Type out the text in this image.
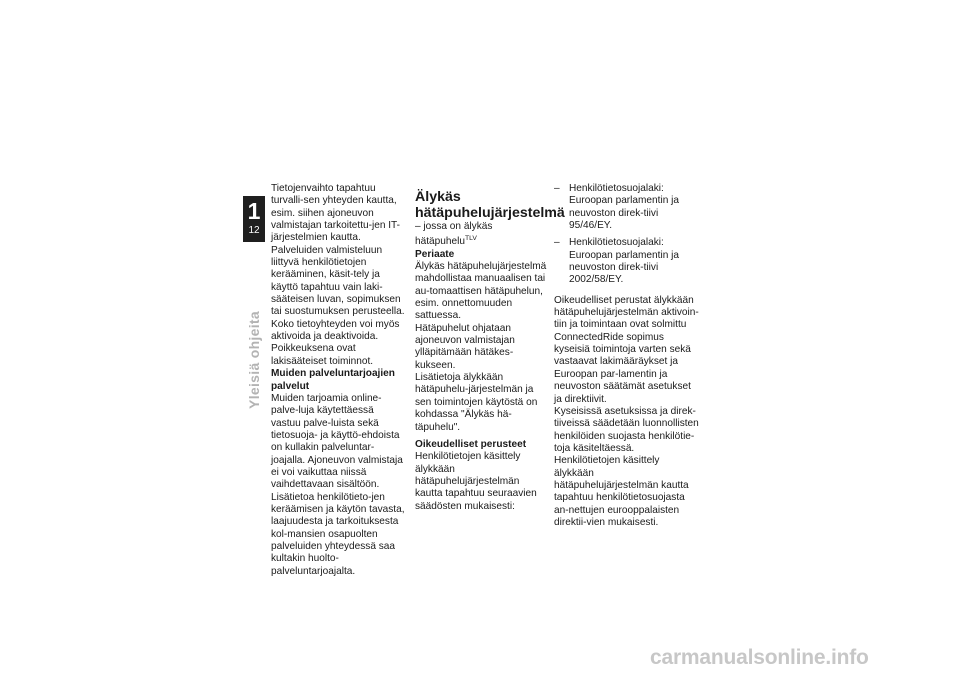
1
12
Yleisiä ohjeita

Tietojenvaihto tapahtuu turvalli-sen yhteyden kautta, esim. siihen ajoneuvon valmistajan tarkoitettu-jen IT-järjestelmien kautta. Palveluiden valmisteluun liittyvä henkilötietojen kerääminen, käsit-tely ja käyttö tapahtuu vain laki-sääteisen luvan, sopimuksen tai suostumuksen perusteella. Koko tietoyhteyden voi myös aktivoida ja deaktivoida. Poikkeuksena ovat lakisääteiset toiminnot.

Muiden palveluntarjoajien palvelut

Muiden tarjoamia online-palve-luja käytettäessä vastuu palve-luista sekä tietosuoja- ja käyttö-ehdoista on kullakin palveluntar-joajalla. Ajoneuvon valmistaja ei voi vaikuttaa niissä vaihdettavaan sisältöön. Lisätietoa henkilötieto-jen keräämisen ja käytön tavasta, laajuudesta ja tarkoituksesta kol-mansien osapuolten palveluiden yhteydessä saa kultakin huolto-palveluntarjoajalta.

Älykäs hätäpuhelujärjestelmä

– jossa on älykäs hätäpuhelu$^{TLV}$

Periaate

Älykäs hätäpuhelujärjestelmä mahdollistaa manuaalisen tai au-tomaattisen hätäpuhelun, esim. onnettomuuden sattuessa.

Hätäpuhelut ohjataan ajoneuvon valmistajan ylläpitämään hätäkes-kukseen.

Lisätietoja älykkään hätäpuhelu-järjestelmän ja sen toimintojen käytöstä on kohdassa "Älykäs hä-täpuhelu".

Oikeudelliset perusteet

Henkilötietojen käsittely älykkään hätäpuhelujärjestelmän kautta tapahtuu seuraavien säädösten mukaisesti:

– Henkilötietosuojalaki: Euroopan parlamentin ja neuvoston direk-tiivi 95/46/EY.
– Henkilötietosuojalaki: Euroopan parlamentin ja neuvoston direk-tiivi 2002/58/EY.

Oikeudelliset perustat älykkään hätäpuhelujärjestelmän aktivoin-tiin ja toimintaan ovat solmittu ConnectedRide sopimus kyseisiä toimintoja varten sekä vastaavat lakimääräykset ja Euroopan par-lamentin ja neuvoston säätämät asetukset ja direktiivit.

Kyseisissä asetuksissa ja direk-tiiveissä säädetään luonnollisten henkilöiden suojasta henkilötie-toja käsiteltäessä.

Henkilötietojen käsittely älykkään hätäpuhelujärjestelmän kautta tapahtuu henkilötietosuojasta an-nettujen eurooppalaisten direktii-vien mukaisesti.

carmanualsonline.info
